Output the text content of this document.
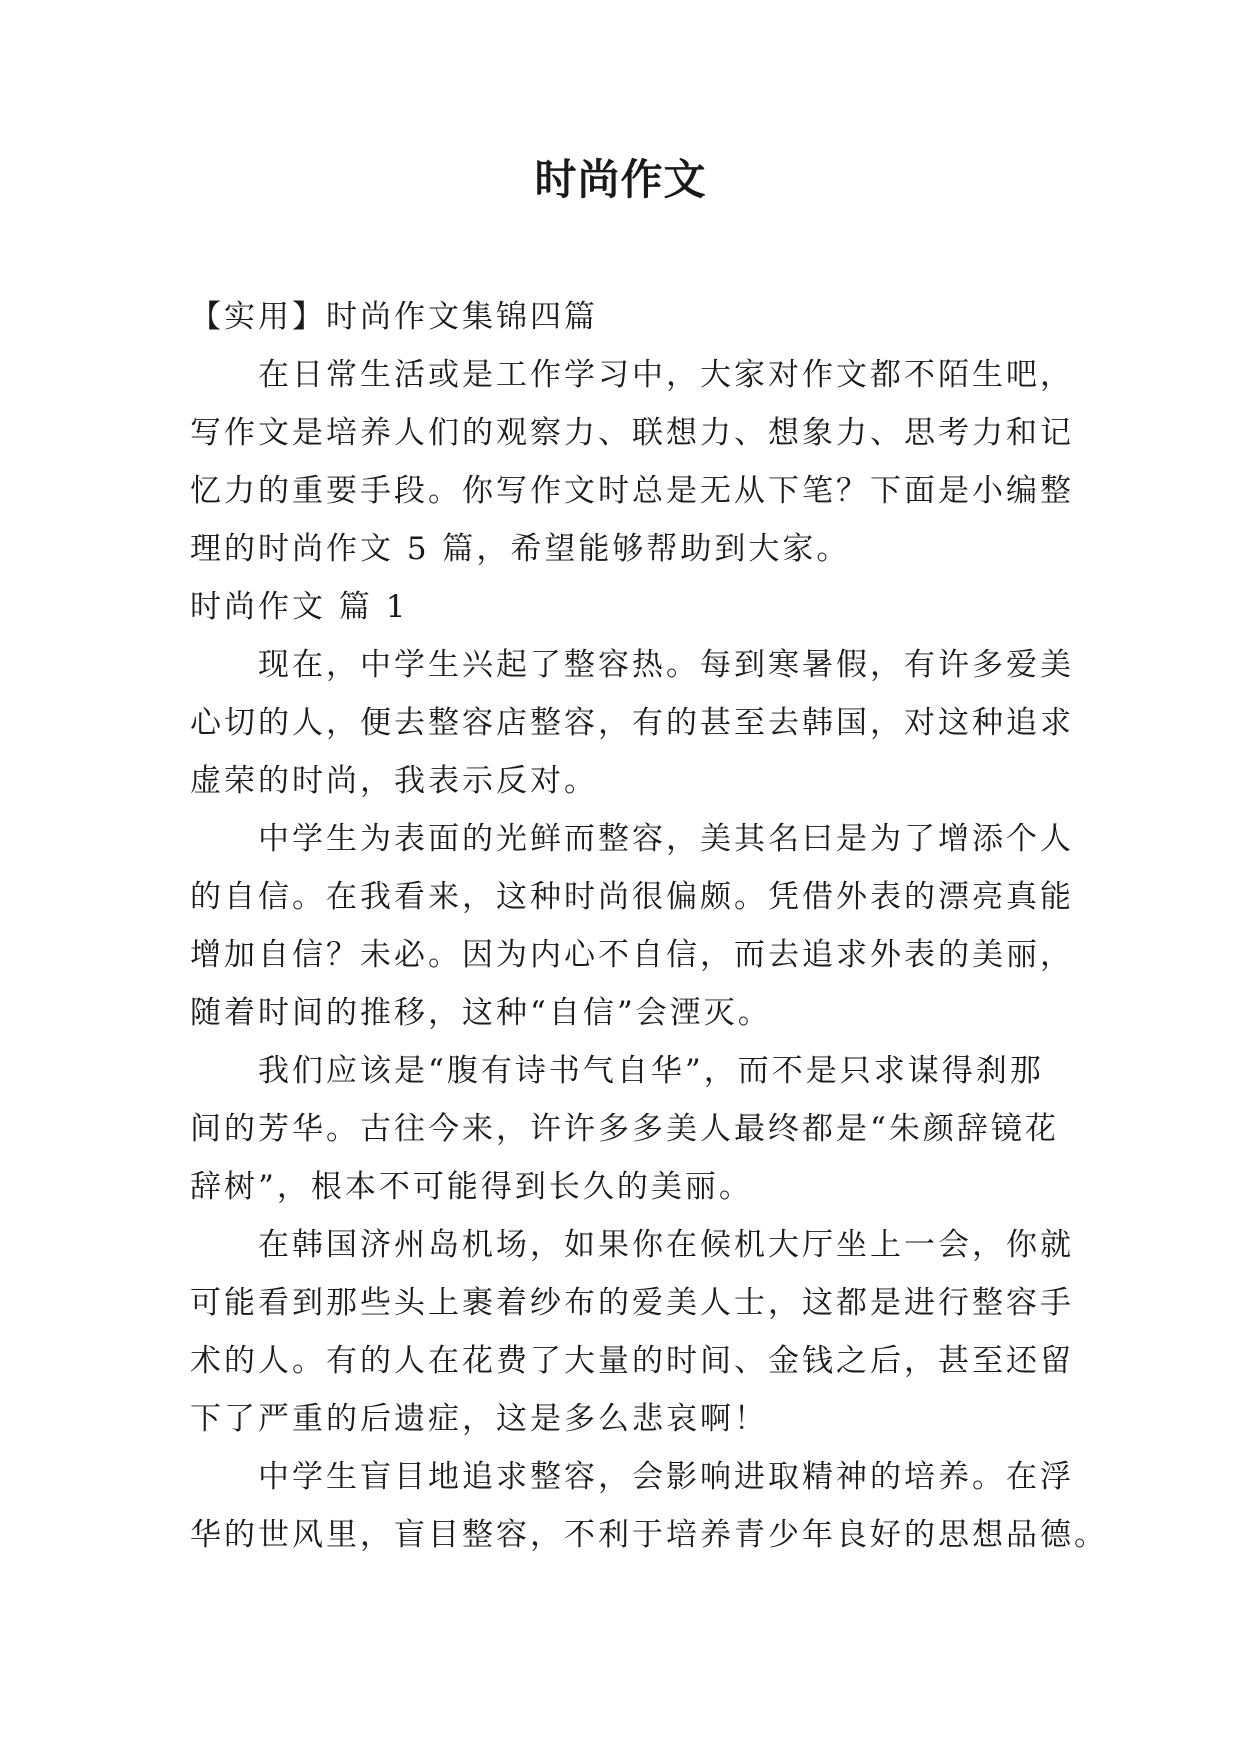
时尚作文
【实用】时尚作文集锦四篇
在日常生活或是工作学习中，大家对作文都不陌生吧，
写作文是培养人们的观察力、联想力、想象力、思考力和记
忆力的重要手段。你写作文时总是无从下笔？下面是小编整
理的时尚作文 5 篇，希望能够帮助到大家。
时尚作文 篇 1
现在，中学生兴起了整容热。每到寒暑假，有许多爱美
心切的人，便去整容店整容，有的甚至去韩国，对这种追求
虚荣的时尚，我表示反对。
中学生为表面的光鲜而整容，美其名曰是为了增添个人
的自信。在我看来，这种时尚很偏颇。凭借外表的漂亮真能
增加自信？未必。因为内心不自信，而去追求外表的美丽，
随着时间的推移，这种“自信”会湮灭。
我们应该是“腹有诗书气自华”，而不是只求谋得刹那
间的芳华。古往今来，许许多多美人最终都是“朱颜辞镜花
辞树”，根本不可能得到长久的美丽。
在韩国济州岛机场，如果你在候机大厅坐上一会，你就
可能看到那些头上裹着纱布的爱美人士，这都是进行整容手
术的人。有的人在花费了大量的时间、金钱之后，甚至还留
下了严重的后遗症，这是多么悲哀啊！
中学生盲目地追求整容，会影响进取精神的培养。在浮
华的世风里，盲目整容，不利于培养青少年良好的思想品德。
